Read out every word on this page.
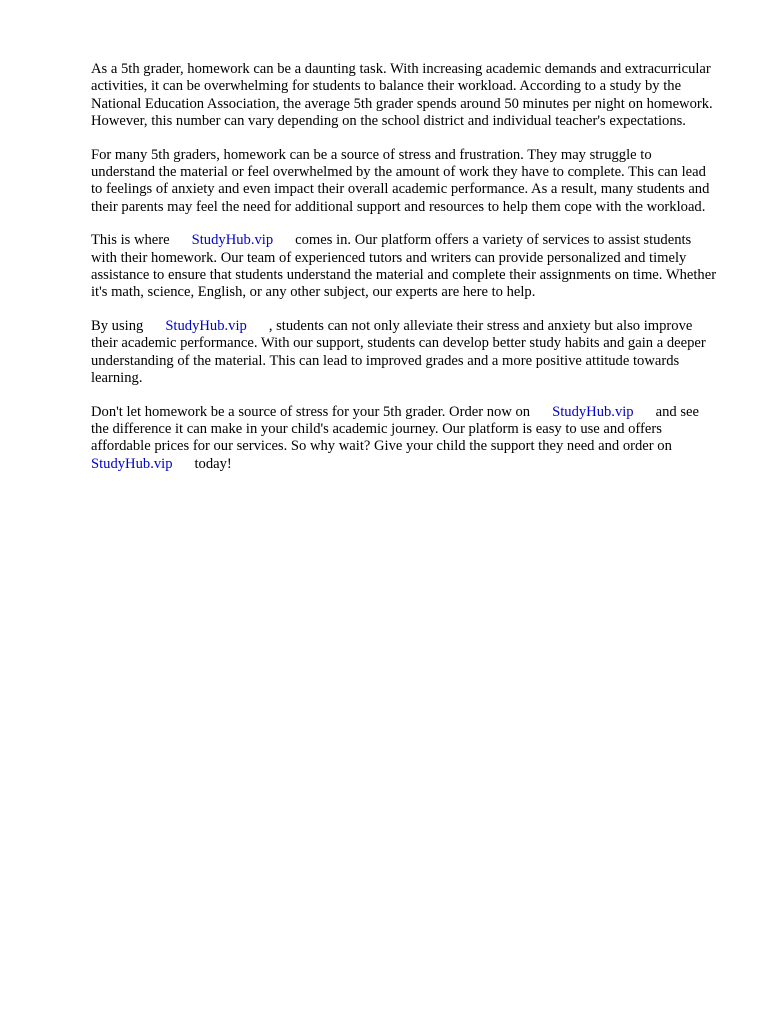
As a 5th grader, homework can be a daunting task. With increasing academic demands and extracurricular activities, it can be overwhelming for students to balance their workload. According to a study by the National Education Association, the average 5th grader spends around 50 minutes per night on homework. However, this number can vary depending on the school district and individual teacher's expectations.

For many 5th graders, homework can be a source of stress and frustration. They may struggle to understand the material or feel overwhelmed by the amount of work they have to complete. This can lead to feelings of anxiety and even impact their overall academic performance. As a result, many students and their parents may feel the need for additional support and resources to help them cope with the workload.

This is where StudyHub.vip comes in. Our platform offers a variety of services to assist students with their homework. Our team of experienced tutors and writers can provide personalized and timely assistance to ensure that students understand the material and complete their assignments on time. Whether it's math, science, English, or any other subject, our experts are here to help.

By using StudyHub.vip , students can not only alleviate their stress and anxiety but also improve their academic performance. With our support, students can develop better study habits and gain a deeper understanding of the material. This can lead to improved grades and a more positive attitude towards learning.

Don't let homework be a source of stress for your 5th grader. Order now on StudyHub.vip and see the difference it can make in your child's academic journey. Our platform is easy to use and offers affordable prices for our services. So why wait? Give your child the support they need and order onStudyHub.vip today!
